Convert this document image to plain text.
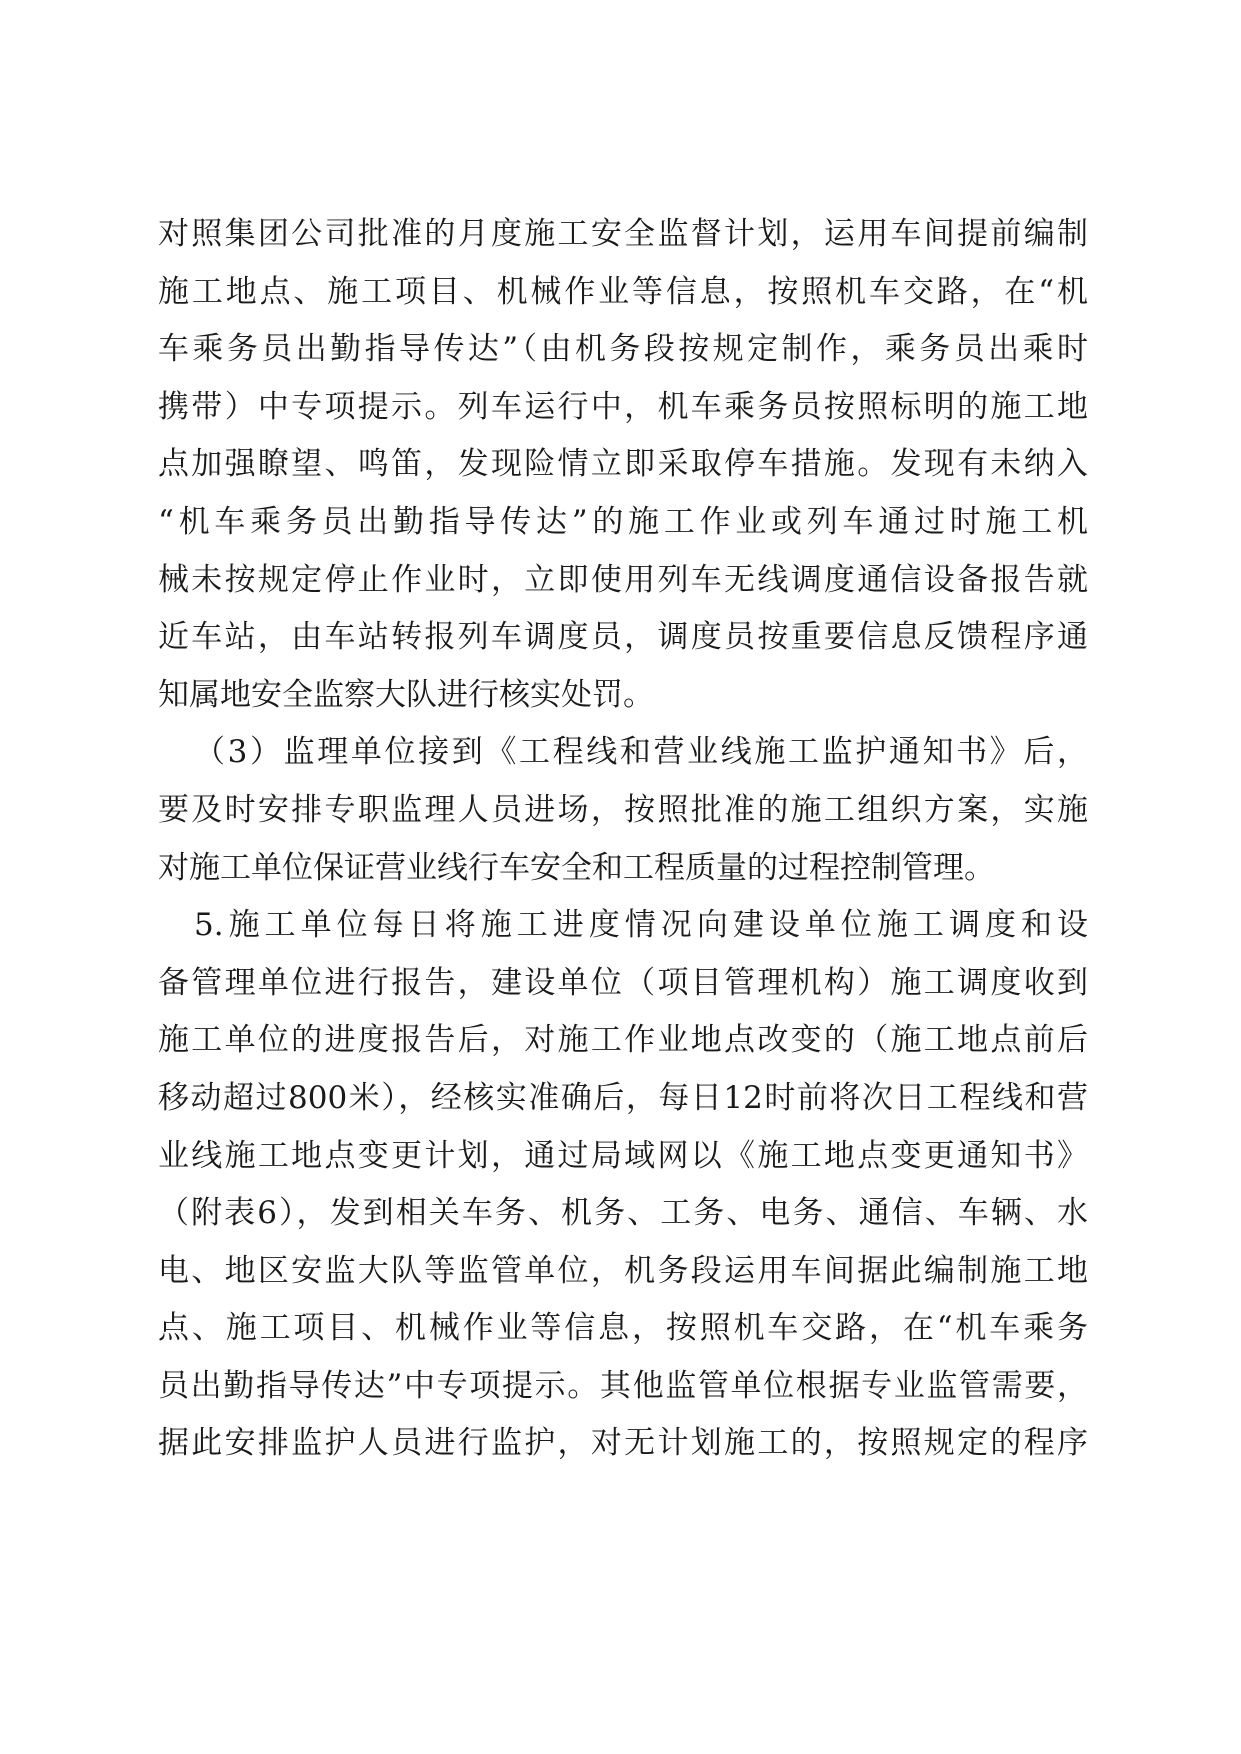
对照集团公司批准的月度施工安全监督计划，运用车间提前编制
施工地点、施工项目、机械作业等信息，按照机车交路，在“机
车乘务员出勤指导传达”（由机务段按规定制作，乘务员出乘时
携带）中专项提示。列车运行中，机车乘务员按照标明的施工地
点加强瞭望、鸣笛，发现险情立即采取停车措施。发现有未纳入
“机车乘务员出勤指导传达”的施工作业或列车通过时施工机
械未按规定停止作业时，立即使用列车无线调度通信设备报告就
近车站，由车站转报列车调度员，调度员按重要信息反馈程序通
知属地安全监察大队进行核实处罚。
（3）监理单位接到《工程线和营业线施工监护通知书》后，
要及时安排专职监理人员进场，按照批准的施工组织方案，实施
对施工单位保证营业线行车安全和工程质量的过程控制管理。
5.施工单位每日将施工进度情况向建设单位施工调度和设
备管理单位进行报告，建设单位（项目管理机构）施工调度收到
施工单位的进度报告后，对施工作业地点改变的（施工地点前后
移动超过800米），经核实准确后，每日12时前将次日工程线和营
业线施工地点变更计划，通过局域网以《施工地点变更通知书》
（附表6），发到相关车务、机务、工务、电务、通信、车辆、水
电、地区安监大队等监管单位，机务段运用车间据此编制施工地
点、施工项目、机械作业等信息，按照机车交路，在“机车乘务
员出勤指导传达”中专项提示。其他监管单位根据专业监管需要，
据此安排监护人员进行监护，对无计划施工的，按照规定的程序
